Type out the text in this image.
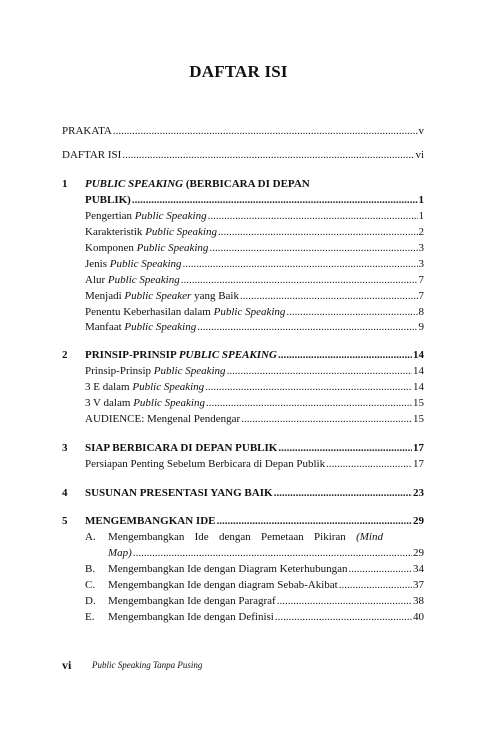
DAFTAR ISI
PRAKATA .....	v
DAFTAR ISI .....	vi
1 PUBLIC SPEAKING (BERBICARA DI DEPAN
PUBLIK) .....	1
Pengertian Public Speaking .....	1
Karakteristik Public Speaking .....	2
Komponen Public Speaking .....	3
Jenis Public Speaking .....	3
Alur Public Speaking .....	7
Menjadi Public Speaker yang Baik .....	7
Penentu Keberhasilan dalam Public Speaking .....	8
Manfaat Public Speaking .....	9
2 PRINSIP-PRINSIP PUBLIC SPEAKING .....	14
Prinsip-Prinsip Public Speaking .....	14
3 E dalam Public Speaking .....	14
3 V dalam Public Speaking .....	15
AUDIENCE: Mengenal Pendengar .....	15
3 SIAP BERBICARA DI DEPAN PUBLIK .....	17
Persiapan Penting Sebelum Berbicara di Depan Publik .....	17
4 SUSUNAN PRESENTASI YANG BAIK .....	23
5 MENGEMBANGKAN IDE .....	29
A. Mengembangkan Ide dengan Pemetaan Pikiran (Mind
Map) .....	29
B. Mengembangkan Ide dengan Diagram Keterhubungan .....	34
C. Mengembangkan Ide dengan diagram Sebab-Akibat .....	37
D. Mengembangkan Ide dengan Paragraf .....	38
E. Mengembangkan Ide dengan Definisi .....	40
vi Public Speaking Tanpa Pusing
